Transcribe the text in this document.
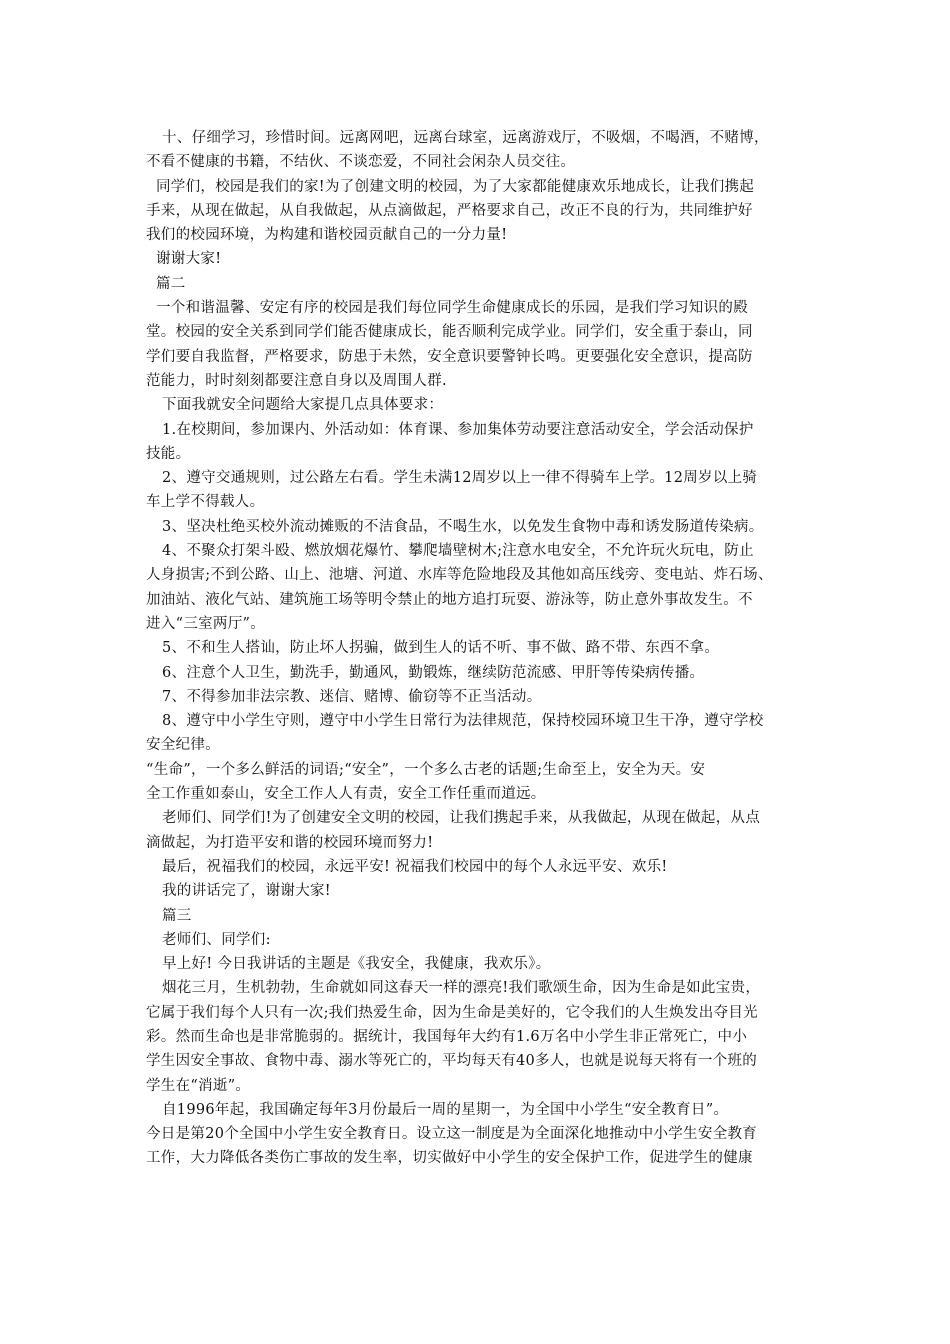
十、仔细学习，珍惜时间。远离网吧，远离台球室，远离游戏厅，不吸烟，不喝酒，不赌博，
不看不健康的书籍，不结伙、不谈恋爱，不同社会闲杂人员交往。
同学们，校园是我们的家!为了创建文明的校园，为了大家都能健康欢乐地成长，让我们携起
手来，从现在做起，从自我做起，从点滴做起，严格要求自己，改正不良的行为，共同维护好
我们的校园环境，为构建和谐校园贡献自己的一分力量!
谢谢大家!
篇二
一个和谐温馨、安定有序的校园是我们每位同学生命健康成长的乐园，是我们学习知识的殿
堂。校园的安全关系到同学们能否健康成长，能否顺利完成学业。同学们，安全重于泰山，同
学们要自我监督，严格要求，防患于未然，安全意识要警钟长鸣。更要强化安全意识，提高防
范能力，时时刻刻都要注意自身以及周围人群.
下面我就安全问题给大家提几点具体要求：
1.在校期间，参加课内、外活动如：体育课、参加集体劳动要注意活动安全，学会活动保护
技能。
2、遵守交通规则，过公路左右看。学生未满12周岁以上一律不得骑车上学。12周岁以上骑
车上学不得载人。
3、坚决杜绝买校外流动摊贩的不洁食品，不喝生水，以免发生食物中毒和诱发肠道传染病。
4、不聚众打架斗殴、燃放烟花爆竹、攀爬墙壁树木;注意水电安全，不允许玩火玩电，防止
人身损害;不到公路、山上、池塘、河道、水库等危险地段及其他如高压线旁、变电站、炸石场、
加油站、液化气站、建筑施工场等明令禁止的地方追打玩耍、游泳等，防止意外事故发生。不
进入“三室两厅”。
5、不和生人搭讪，防止坏人拐骗，做到生人的话不听、事不做、路不带、东西不拿。
6、注意个人卫生，勤洗手，勤通风，勤锻炼，继续防范流感、甲肝等传染病传播。
7、不得参加非法宗教、迷信、赌博、偷窃等不正当活动。
8、遵守中小学生守则，遵守中小学生日常行为法律规范，保持校园环境卫生干净，遵守学校
安全纪律。
“生命”，一个多么鲜活的词语;“安全”，一个多么古老的话题;生命至上，安全为天。安
全工作重如泰山，安全工作人人有责，安全工作任重而道远。
老师们、同学们!为了创建安全文明的校园，让我们携起手来，从我做起，从现在做起，从点
滴做起，为打造平安和谐的校园环境而努力!
最后，祝福我们的校园，永远平安! 祝福我们校园中的每个人永远平安、欢乐!
我的讲话完了，谢谢大家!
篇三
老师们、同学们:
早上好! 今日我讲话的主题是《我安全，我健康，我欢乐》。
烟花三月，生机勃勃，生命就如同这春天一样的漂亮!我们歌颂生命，因为生命是如此宝贵，
它属于我们每个人只有一次;我们热爱生命，因为生命是美好的，它令我们的人生焕发出夺目光
彩。然而生命也是非常脆弱的。据统计，我国每年大约有1.6万名中小学生非正常死亡，中小
学生因安全事故、食物中毒、溺水等死亡的，平均每天有40多人，也就是说每天将有一个班的
学生在“消逝”。
自1996年起，我国确定每年3月份最后一周的星期一，为全国中小学生“安全教育日”。
今日是第20个全国中小学生安全教育日。设立这一制度是为全面深化地推动中小学生安全教育
工作，大力降低各类伤亡事故的发生率，切实做好中小学生的安全保护工作，促进学生的健康
